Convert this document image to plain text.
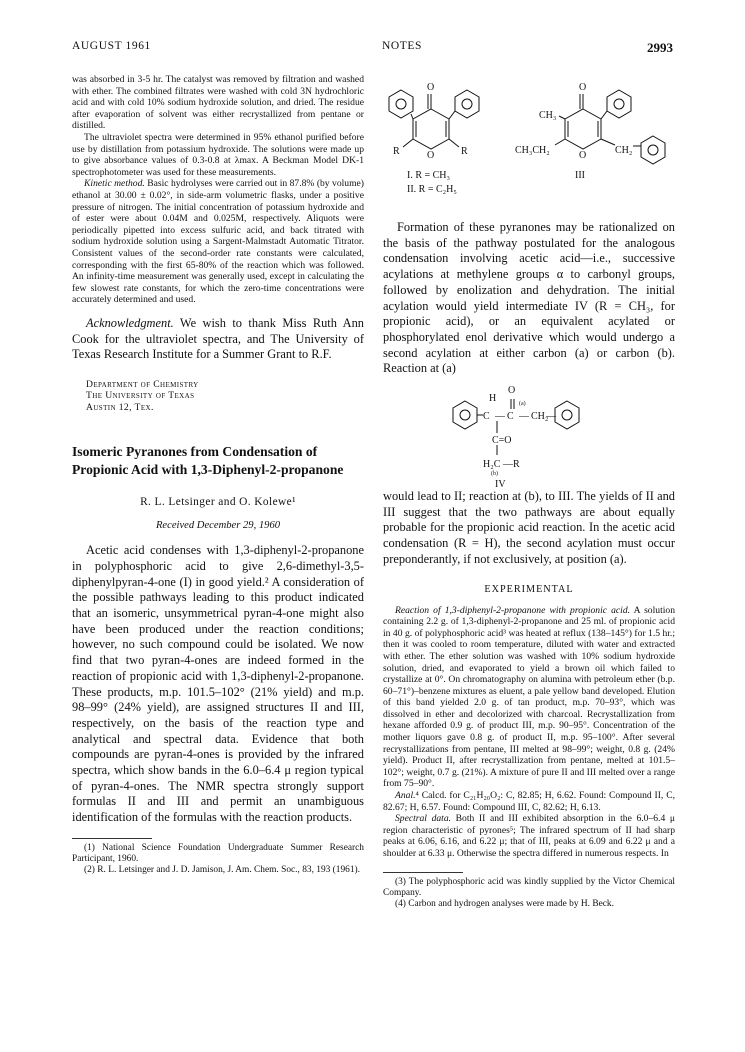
AUGUST 1961	NOTES	2993

was absorbed in 3-5 hr. The catalyst was removed by filtration and washed with ether. The combined filtrates were washed with cold 3N hydrochloric acid and with cold 10% sodium hydroxide solution, and dried. The residue after evaporation of solvent was either recrystallized from pentane or distilled.

The ultraviolet spectra were determined in 95% ethanol purified before use by distillation from potassium hydroxide. The solutions were made up to give absorbance values of 0.3-0.8 at λmax. A Beckman Model DK-1 spectrophotometer was used for these measurements.

Kinetic method. Basic hydrolyses were carried out in 87.8% (by volume) ethanol at 30.00 ± 0.02°, in side-arm volumetric flasks, under a positive pressure of nitrogen. The initial concentration of potassium hydroxide and of ester were about 0.04M and 0.025M, respectively. Aliquots were periodically pipetted into excess sulfuric acid, and back titrated with sodium hydroxide solution using a Sargent-Malmstadt Automatic Titrator. Consistent values of the second-order rate constants were calculated, corresponding with the first 65-80% of the reaction which was followed. An infinity-time measurement was generally used, except in calculating the few slowest rate constants, for which the zero-time concentrations were accurately determined and used.

Acknowledgment. We wish to thank Miss Ruth Ann Cook for the ultraviolet spectra, and The University of Texas Research Institute for a Summer Grant to R.F.

Department of Chemistry
The University of Texas
Austin 12, Tex.
Isomeric Pyranones from Condensation of Propionic Acid with 1,3-Diphenyl-2-propanone
R. L. Letsinger and O. Kolewe¹
Received December 29, 1960

Acetic acid condenses with 1,3-diphenyl-2-propanone in polyphosphoric acid to give 2,6-dimethyl-3,5-diphenylpyran-4-one (I) in good yield.² A consideration of the possible pathways leading to this product indicated that an isomeric, unsymmetrical pyran-4-one might also have been produced under the reaction conditions; however, no such compound could be isolated. We now find that two pyran-4-ones are indeed formed in the reaction of propionic acid with 1,3-diphenyl-2-propanone. These products, m.p. 101.5–102° (21% yield) and m.p. 98–99° (24% yield), are assigned structures II and III, respectively, on the basis of the reaction type and analytical and spectral data. Evidence that both compounds are pyran-4-ones is provided by the infrared spectra, which show bands in the 6.0–6.4 μ region typical of pyran-4-ones. The NMR spectra strongly support formulas II and III and permit an unambiguous identification of the formulas with the reaction products.

(1) National Science Foundation Undergraduate Summer Research Participant, 1960.

(2) R. L. Letsinger and J. D. Jamison, J. Am. Chem. Soc., 83, 193 (1961).

O
O
R	R
I. R = CH₃
II. R = C₂H₅
O
O
CH₃
CH₃CH₂	CH₂
III

Formation of these pyranones may be rationalized on the basis of the pathway postulated for the analogous condensation involving acetic acid—i.e., successive acylations at methylene groups α to carbonyl groups, followed by enolization and dehydration. The initial acylation would yield intermediate IV (R = CH₃, for propionic acid), or an equivalent acylated or phosphorylated enol derivative which would undergo a second acylation at either carbon (a) or carbon (b). Reaction at (a)

H
O
(a)
C — C — CH₂
—
C=O
H₂C —R
(b)
IV

would lead to II; reaction at (b), to III. The yields of II and III suggest that the two pathways are about equally probable for the propionic acid reaction. In the acetic acid condensation (R = H), the second acylation must occur preponderantly, if not exclusively, at position (a).

EXPERIMENTAL

Reaction of 1,3-diphenyl-2-propanone with propionic acid. A solution containing 2.2 g. of 1,3-diphenyl-2-propanone and 25 ml. of propionic acid in 40 g. of polyphosphoric acid³ was heated at reflux (138–145°) for 1.5 hr.; then it was cooled to room temperature, diluted with water and extracted with ether. The ether solution was washed with 10% sodium hydroxide solution, dried, and evaporated to yield a brown oil which failed to crystallize at 0°. On chromatography on alumina with petroleum ether (b.p. 60–71°)–benzene mixtures as eluent, a pale yellow band developed. Elution of this band yielded 2.0 g. of tan product, m.p. 70–93°, which was dissolved in ether and decolorized with charcoal. Recrystallization from hexane afforded 0.9 g. of product III, m.p. 90–95°. Concentration of the mother liquors gave 0.8 g. of product II, m.p. 95–100°. After several recrystallizations from pentane, III melted at 98–99°; weight, 0.8 g. (24% yield). Product II, after recrystallization from pentane, melted at 101.5–102°; weight, 0.7 g. (21%). A mixture of pure II and III melted over a range from 75–90°.

Anal.⁴ Calcd. for C₂₁H₂₀O₂: C, 82.85; H, 6.62. Found: Compound II, C, 82.67; H, 6.57. Found: Compound III, C, 82.62; H, 6.13.

Spectral data. Both II and III exhibited absorption in the 6.0–6.4 μ region characteristic of pyrones⁵; The infrared spectrum of II had sharp peaks at 6.06, 6.16, and 6.22 μ; that of III, peaks at 6.09 and 6.22 μ and a shoulder at 6.33 μ. Otherwise the spectra differed in numerous respects. In

(3) The polyphosphoric acid was kindly supplied by the Victor Chemical Company.

(4) Carbon and hydrogen analyses were made by H. Beck.
